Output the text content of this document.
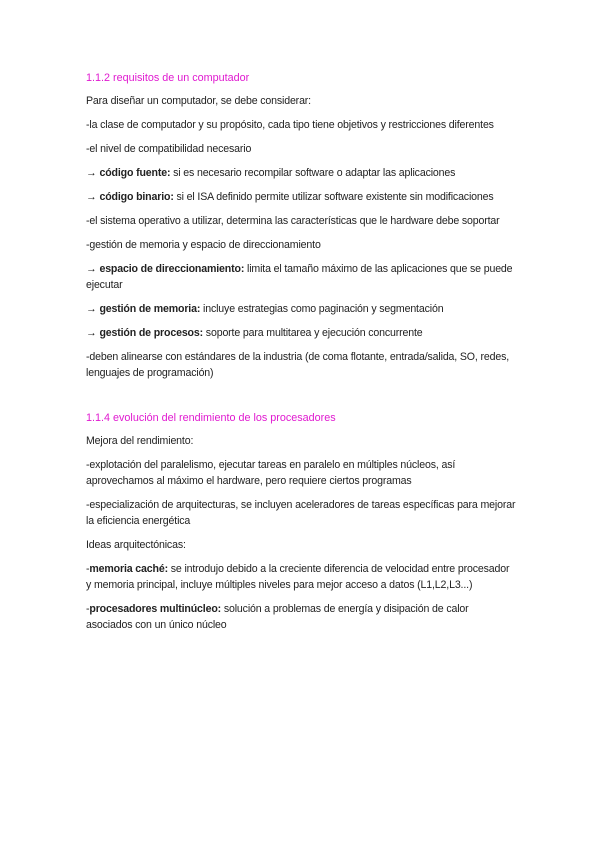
1.1.2 requisitos de un computador
Para diseñar un computador, se debe considerar:
-la clase de computador y su propósito, cada tipo tiene objetivos y restricciones diferentes
-el nivel de compatibilidad necesario
→ código fuente: si es necesario recompilar software o adaptar las aplicaciones
→ código binario: si el ISA definido permite utilizar software existente sin modificaciones
-el sistema operativo a utilizar, determina las características que le hardware debe soportar
-gestión de memoria y espacio de direccionamiento
→ espacio de direccionamiento: limita el tamaño máximo de las aplicaciones que se puede ejecutar
→ gestión de memoria: incluye estrategias como paginación y segmentación
→ gestión de procesos: soporte para multitarea y ejecución concurrente
-deben alinearse con estándares de la industria (de coma flotante, entrada/salida, SO, redes, lenguajes de programación)
1.1.4 evolución del rendimiento de los procesadores
Mejora del rendimiento:
-explotación del paralelismo, ejecutar tareas en paralelo en múltiples núcleos, así aprovechamos al máximo el hardware, pero requiere ciertos programas
-especialización de arquitecturas, se incluyen aceleradores de tareas específicas para mejorar la eficiencia energética
Ideas arquitectónicas:
-memoria caché: se introdujo debido a la creciente diferencia de velocidad entre procesador y memoria principal, incluye múltiples niveles para mejor acceso a datos (L1,L2,L3...)
-procesadores multinúcleo: solución a problemas de energía y disipación de calor asociados con un único núcleo
